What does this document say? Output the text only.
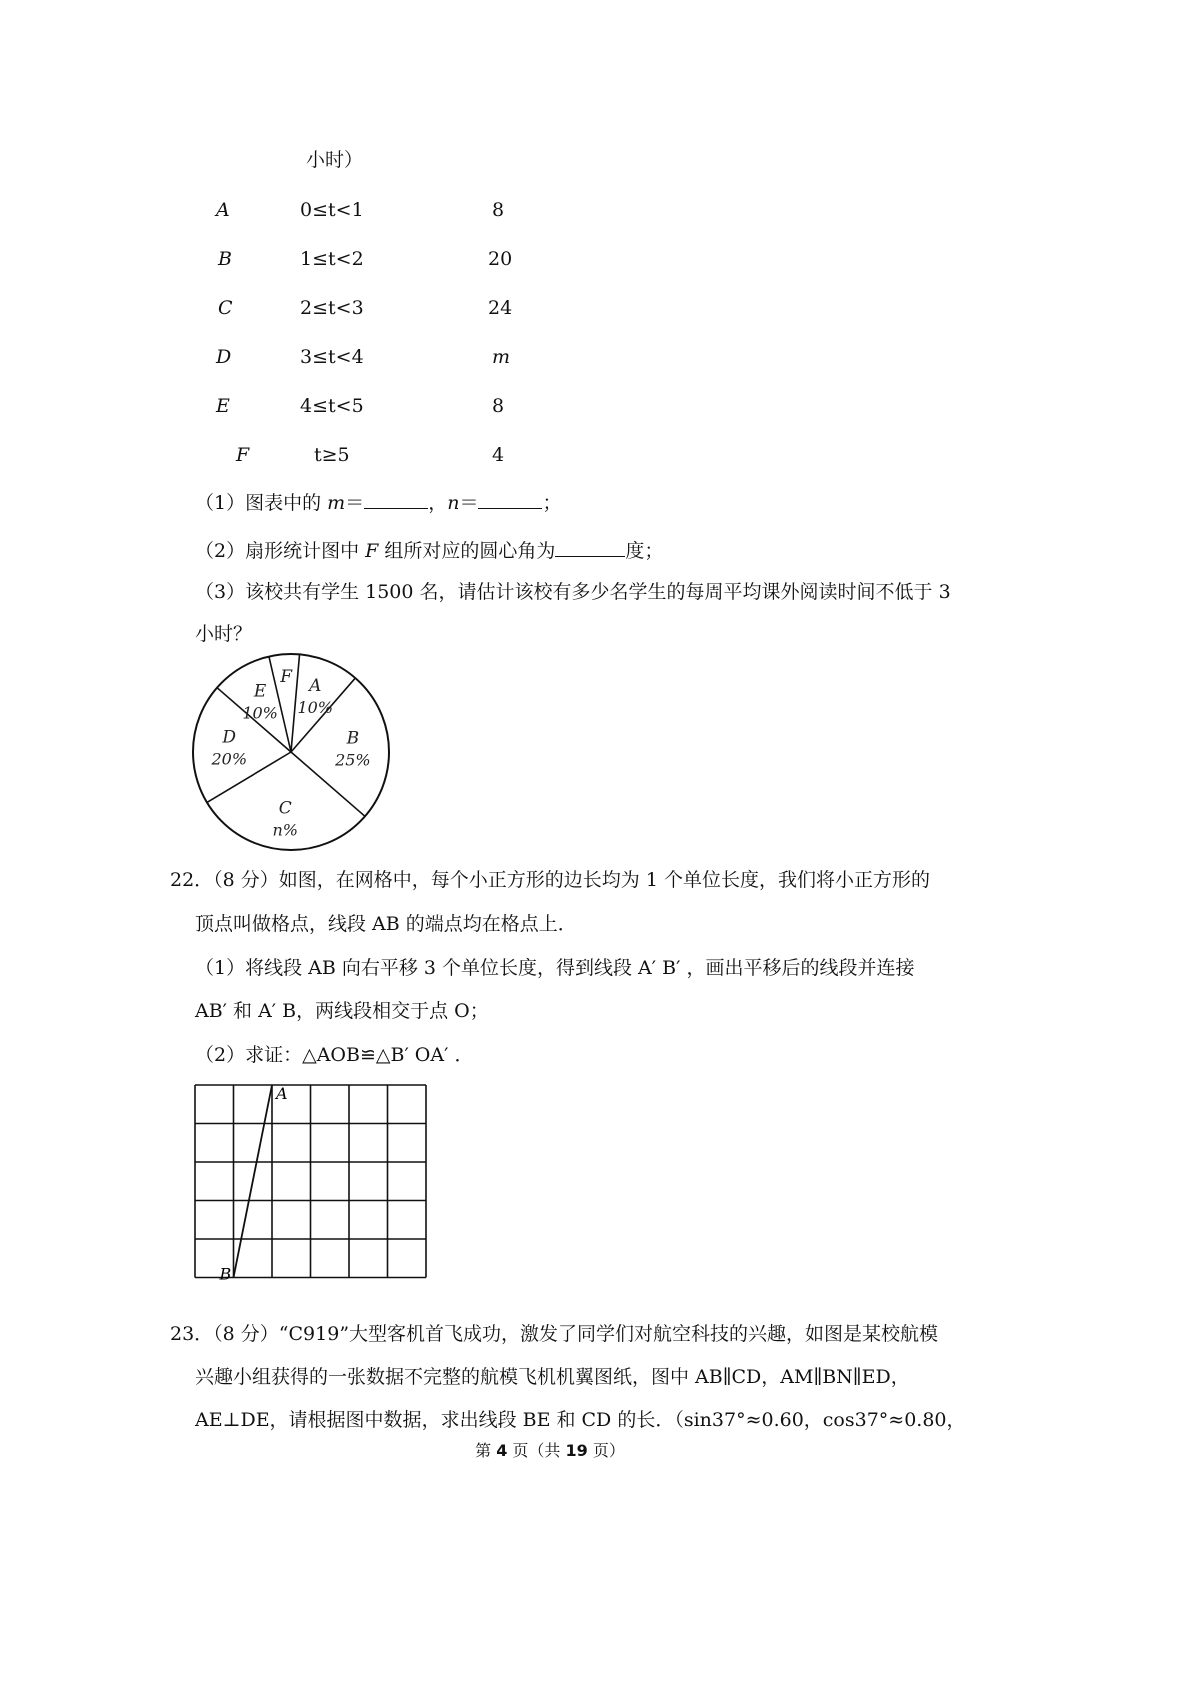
小时）
A	0≤t<1	8
B	1≤t<2	20
C	2≤t<3	24
D	3≤t<4	m
E	4≤t<5	8
F	t≥5	4
（1）图表中的 m＝	，n＝	；
（2）扇形统计图中 F 组所对应的圆心角为	度；
（3）该校共有学生 1500 名，请估计该校有多少名学生的每周平均课外阅读时间不低于 3
小时？
A
10%
B
25%
C
n%
D
20%
E
10%
F
22．（8 分）如图，在网格中，每个小正方形的边长均为 1 个单位长度，我们将小正方形的
顶点叫做格点，线段 AB 的端点均在格点上．
（1）将线段 AB 向右平移 3 个单位长度，得到线段 A′ B′ ，画出平移后的线段并连接
AB′ 和 A′ B，两线段相交于点 O；
（2）求证：△AOB≌△B′ OA′ ．
A
B
23．（8 分）“C919”大型客机首飞成功，激发了同学们对航空科技的兴趣，如图是某校航模
兴趣小组获得的一张数据不完整的航模飞机机翼图纸，图中 AB∥CD，AM∥BN∥ED，
AE⊥DE，请根据图中数据，求出线段 BE 和 CD 的长．（sin37°≈0.60，cos37°≈0.80，
第 4 页（共 19 页）
